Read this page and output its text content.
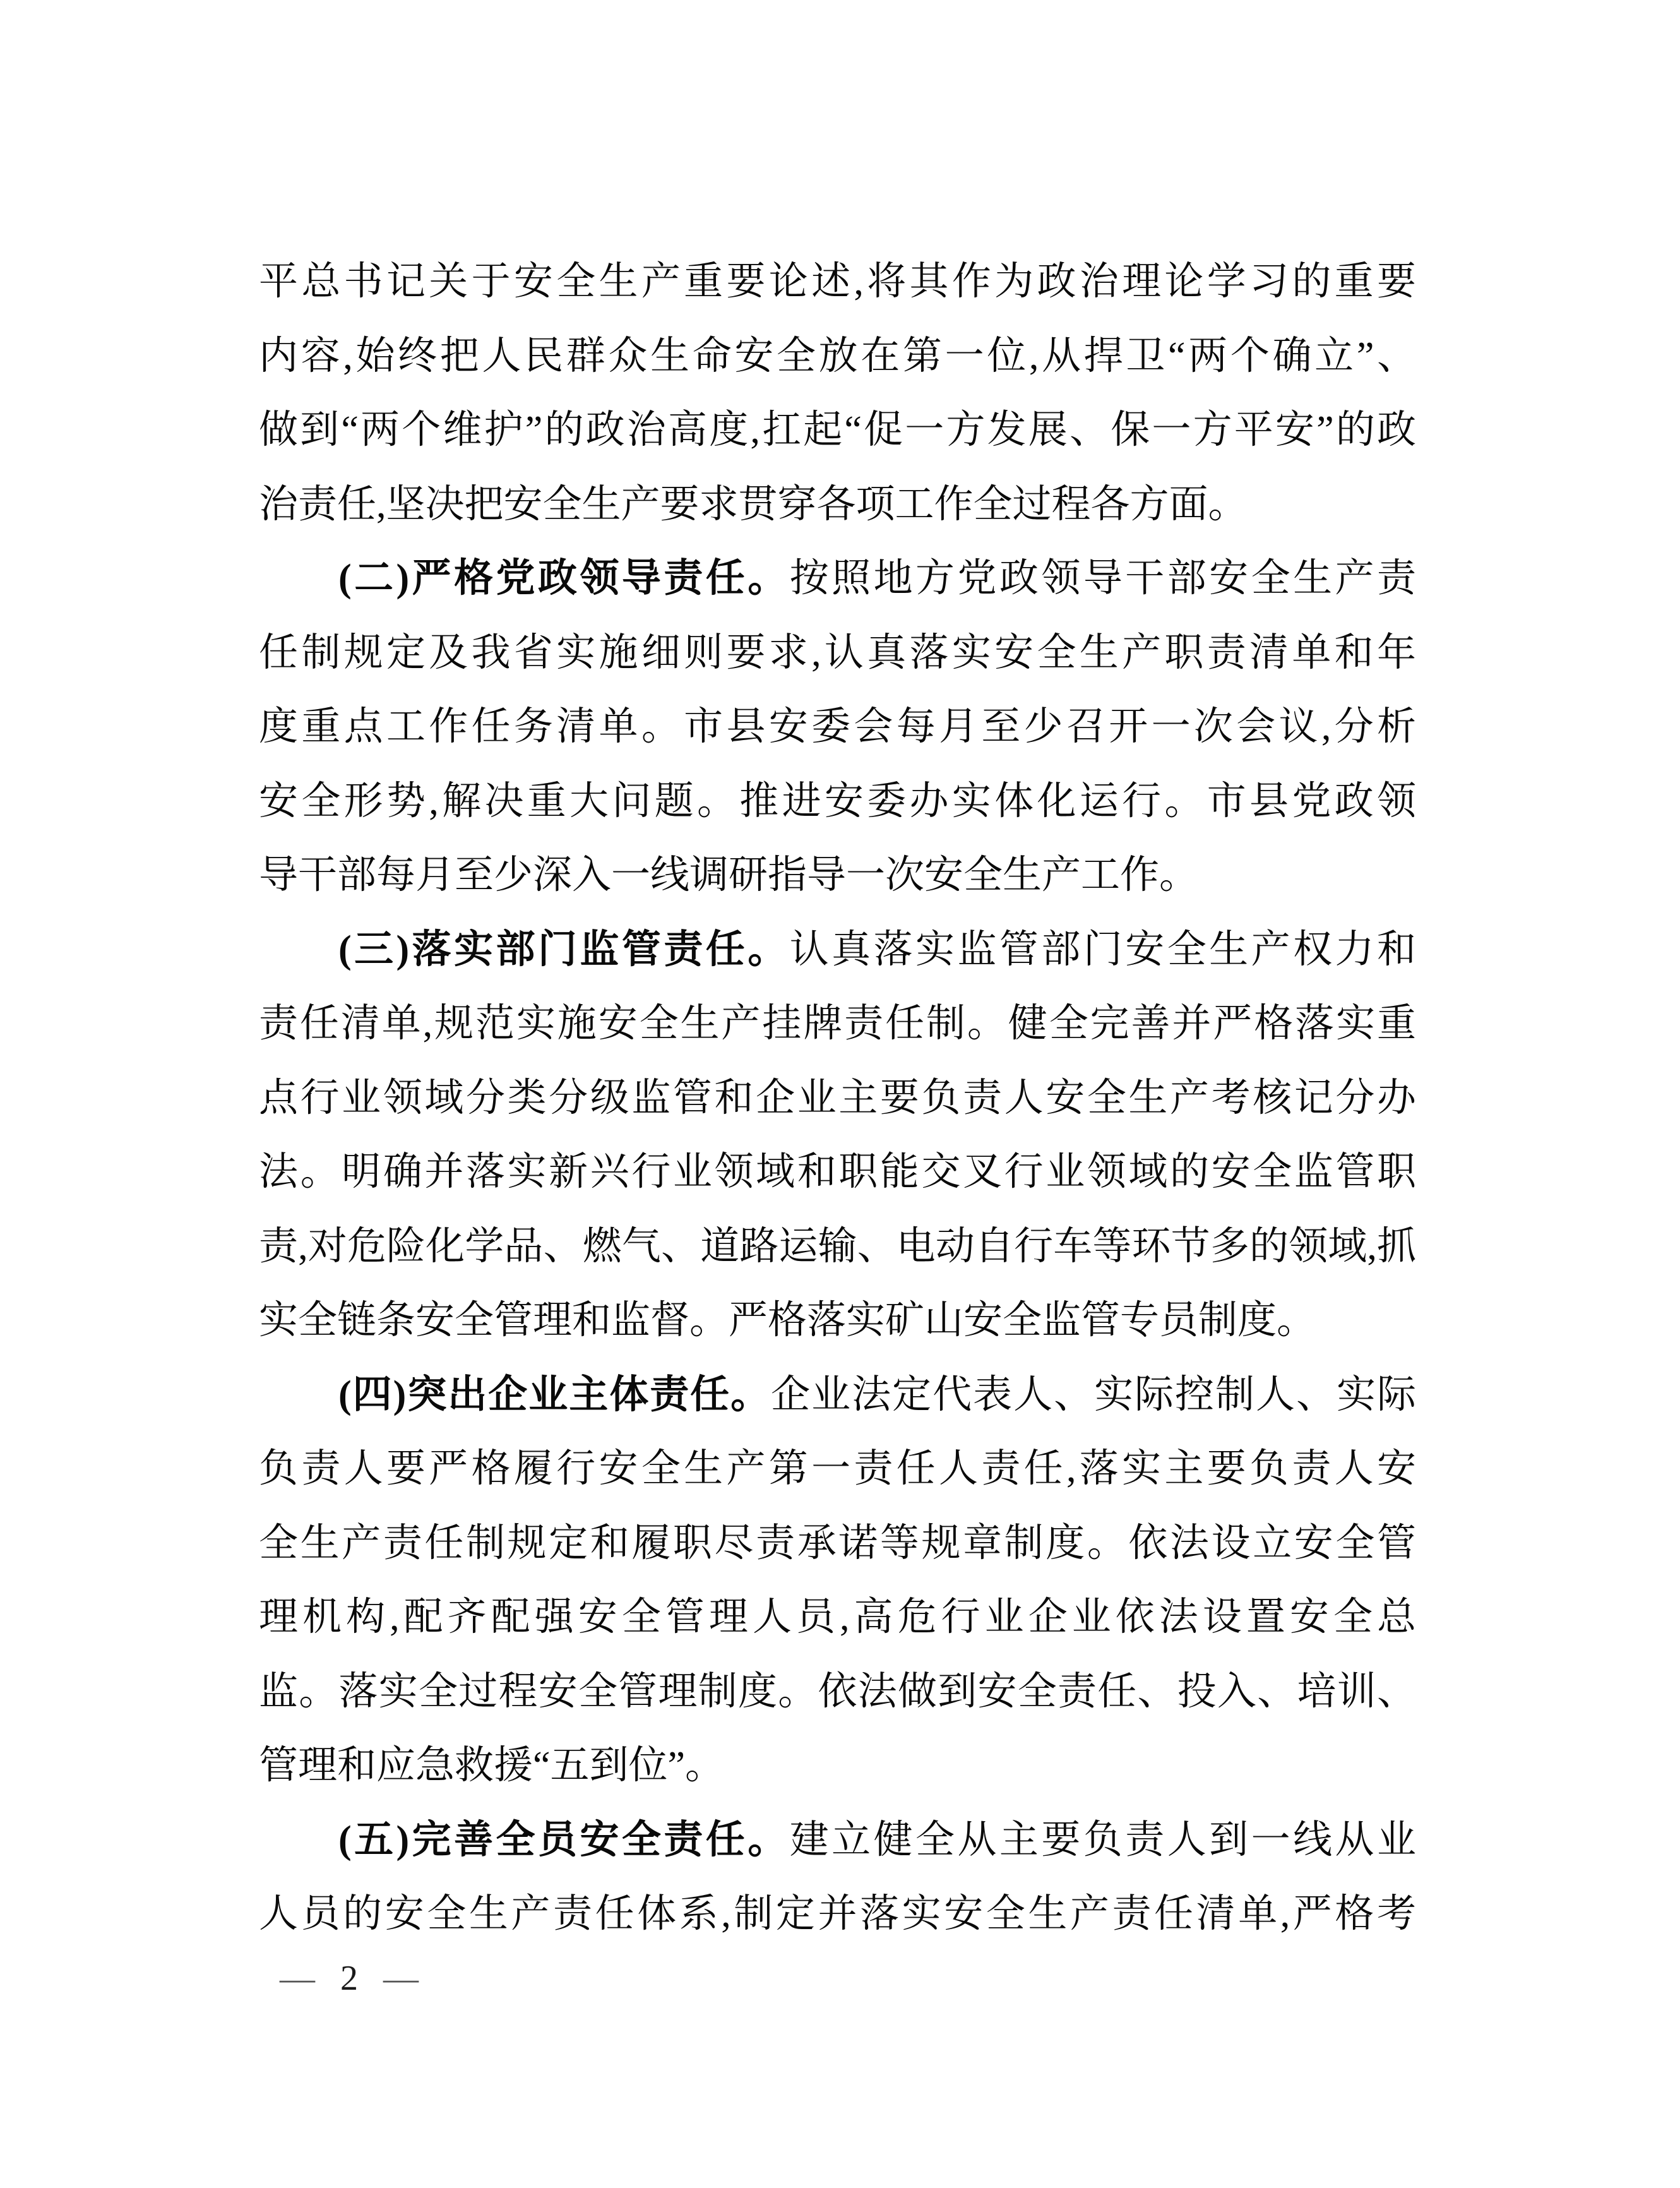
平总书记关于安全生产重要论述,将其作为政治理论学习的重要
内容,始终把人民群众生命安全放在第一位,从捍卫“两个确立”、
做到“两个维护”的政治高度,扛起“促一方发展、保一方平安”的政
治责任,坚决把安全生产要求贯穿各项工作全过程各方面。
(二)严格党政领导责任。按照地方党政领导干部安全生产责
任制规定及我省实施细则要求,认真落实安全生产职责清单和年
度重点工作任务清单。市县安委会每月至少召开一次会议,分析
安全形势,解决重大问题。推进安委办实体化运行。市县党政领
导干部每月至少深入一线调研指导一次安全生产工作。
(三)落实部门监管责任。认真落实监管部门安全生产权力和
责任清单,规范实施安全生产挂牌责任制。健全完善并严格落实重
点行业领域分类分级监管和企业主要负责人安全生产考核记分办
法。明确并落实新兴行业领域和职能交叉行业领域的安全监管职
责,对危险化学品、燃气、道路运输、电动自行车等环节多的领域,抓
实全链条安全管理和监督。严格落实矿山安全监管专员制度。
(四)突出企业主体责任。企业法定代表人、实际控制人、实际
负责人要严格履行安全生产第一责任人责任,落实主要负责人安
全生产责任制规定和履职尽责承诺等规章制度。依法设立安全管
理机构,配齐配强安全管理人员,高危行业企业依法设置安全总
监。落实全过程安全管理制度。依法做到安全责任、投入、培训、
管理和应急救援“五到位”。
(五)完善全员安全责任。建立健全从主要负责人到一线从业
人员的安全生产责任体系,制定并落实安全生产责任清单,严格考
— 2 —
